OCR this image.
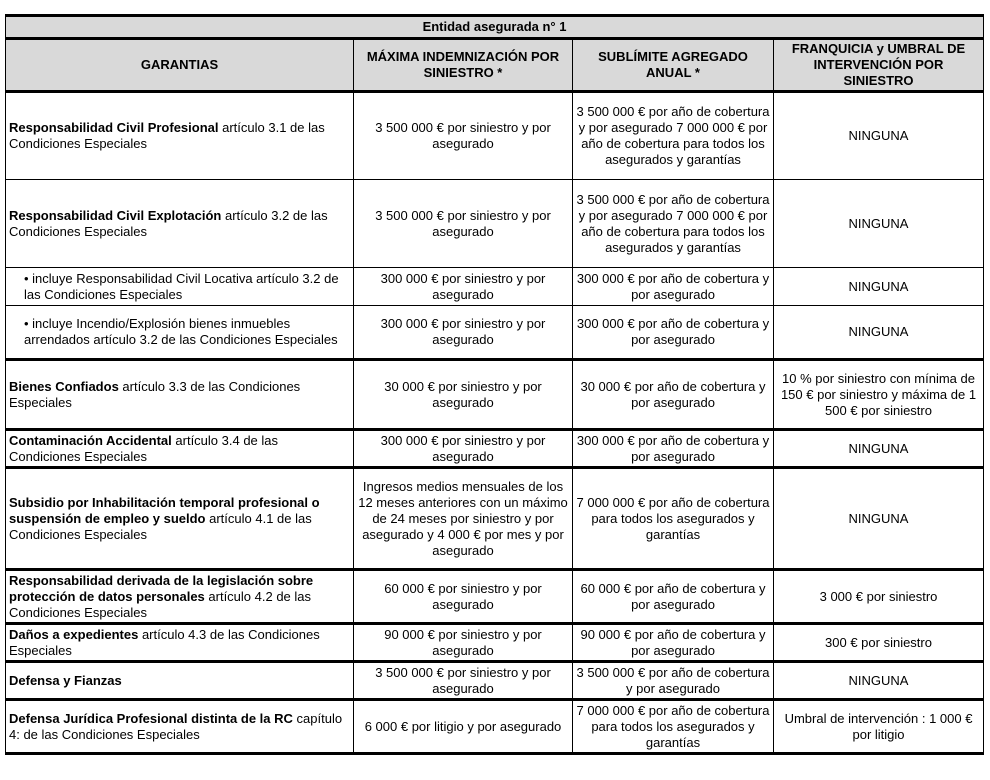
Entidad asegurada n° 1			
GARANTIAS	MÁXIMA INDEMNIZACIÓN POR SINIESTRO *	SUBLÍMITE AGREGADO ANUAL *	FRANQUICIA y UMBRAL DE INTERVENCIÓN POR SINIESTRO
Responsabilidad Civil Profesional artículo 3.1 de las Condiciones Especiales	3 500 000 € por siniestro y por asegurado	3 500 000 € por año de cobertura y por asegurado 7 000 000 € por año de cobertura para todos los asegurados y garantías	NINGUNA
Responsabilidad Civil Explotación artículo 3.2 de las Condiciones Especiales	3 500 000 € por siniestro y por asegurado	3 500 000 € por año de cobertura y por asegurado 7 000 000 € por año de cobertura para todos los asegurados y garantías	NINGUNA
• incluye Responsabilidad Civil Locativa artículo 3.2 de las Condiciones Especiales	300 000 € por siniestro y por asegurado	300 000 € por año de cobertura y por asegurado	NINGUNA
• incluye Incendio/Explosión bienes inmuebles arrendados artículo 3.2 de las Condiciones Especiales	300 000 € por siniestro y por asegurado	300 000 € por año de cobertura y por asegurado	NINGUNA
Bienes Confiados artículo 3.3 de las Condiciones Especiales	30 000 € por siniestro y por asegurado	30 000 € por año de cobertura y por asegurado	10 % por siniestro con mínima de 150 € por siniestro y máxima de 1 500 € por siniestro
Contaminación Accidental artículo 3.4 de las Condiciones Especiales	300 000 € por siniestro y por asegurado	300 000 € por año de cobertura y por asegurado	NINGUNA
Subsidio por Inhabilitación temporal profesional o suspensión de empleo y sueldo artículo 4.1 de las Condiciones Especiales	Ingresos medios mensuales de los 12 meses anteriores con un máximo de 24 meses por siniestro y por asegurado y 4 000 € por mes y por asegurado	7 000 000 € por año de cobertura para todos los asegurados y garantías	NINGUNA
Responsabilidad derivada de la legislación sobre protección de datos personales artículo 4.2 de las Condiciones Especiales	60 000 € por siniestro y por asegurado	60 000 € por año de cobertura y por asegurado	3 000 € por siniestro
Daños a expedientes artículo 4.3 de las Condiciones Especiales	90 000 € por siniestro y por asegurado	90 000 € por año de cobertura y por asegurado	300 € por siniestro
Defensa y Fianzas	3 500 000 € por siniestro y por asegurado	3 500 000 € por año de cobertura y por asegurado	NINGUNA
Defensa Jurídica Profesional distinta de la RC capítulo 4: de las Condiciones Especiales	6 000 € por litigio y por asegurado	7 000 000 € por año de cobertura para todos los asegurados y garantías	Umbral de intervención : 1 000 € por litigio
